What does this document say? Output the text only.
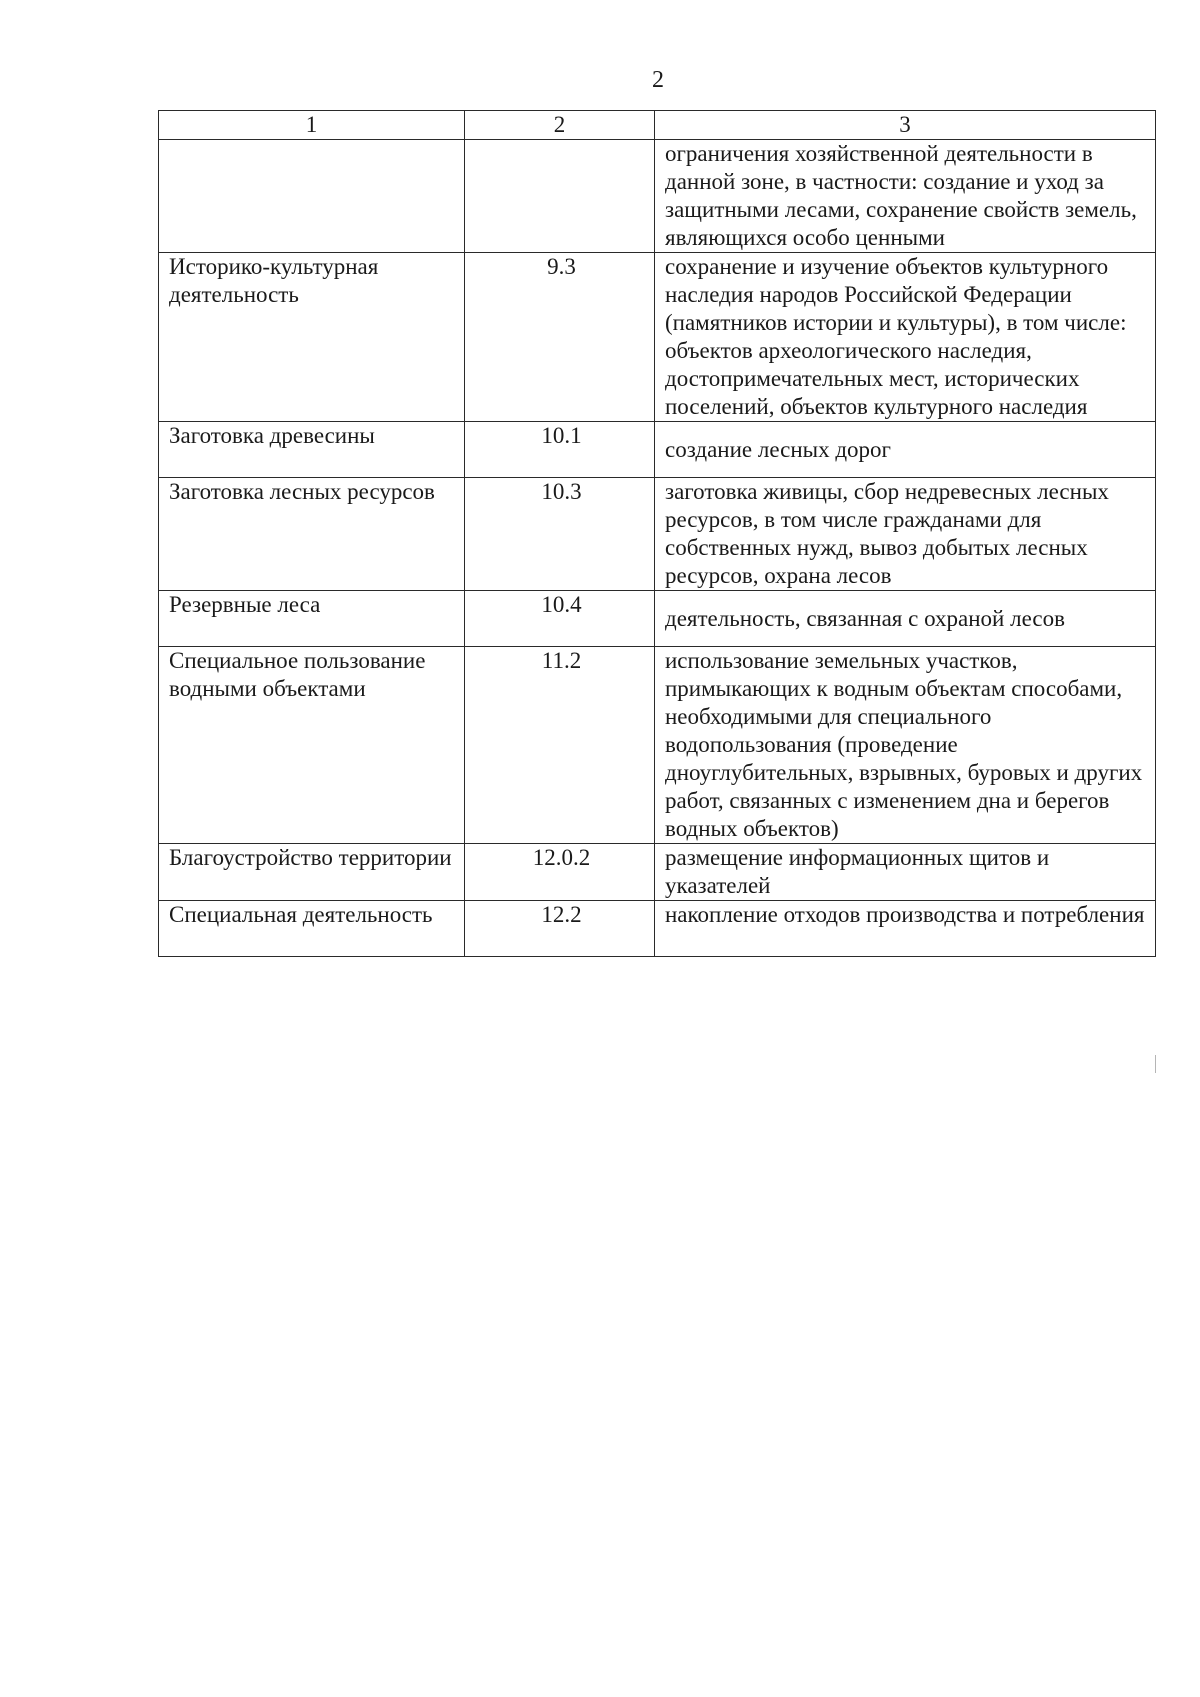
2
1	2	3
		ограничения хозяйственной деятельности в данной зоне, в частности: создание и уход за защитными лесами, сохранение свойств земель, являющихся особо ценными
Историко-культурная деятельность	9.3	сохранение и изучение объектов культурного наследия народов Российской Федерации (памятников истории и культуры), в том числе: объектов археологического наследия, достопримечательных мест, исторических поселений, объектов культурного наследия
Заготовка древесины	10.1	создание лесных дорог
Заготовка лесных ресурсов	10.3	заготовка живицы, сбор недревесных лесных ресурсов, в том числе гражданами для собственных нужд, вывоз добытых лесных ресурсов, охрана лесов
Резервные леса	10.4	деятельность, связанная с охраной лесов
Специальное пользование водными объектами	11.2	использование земельных участков, примыкающих к водным объектам способами, необходимыми для специального водопользования (проведение дноуглубительных, взрывных, буровых и других работ, связанных с изменением дна и берегов водных объектов)
Благоустройство территории	12.0.2	размещение информационных щитов и указателей
Специальная деятельность	12.2	накопление отходов производства и потребления
